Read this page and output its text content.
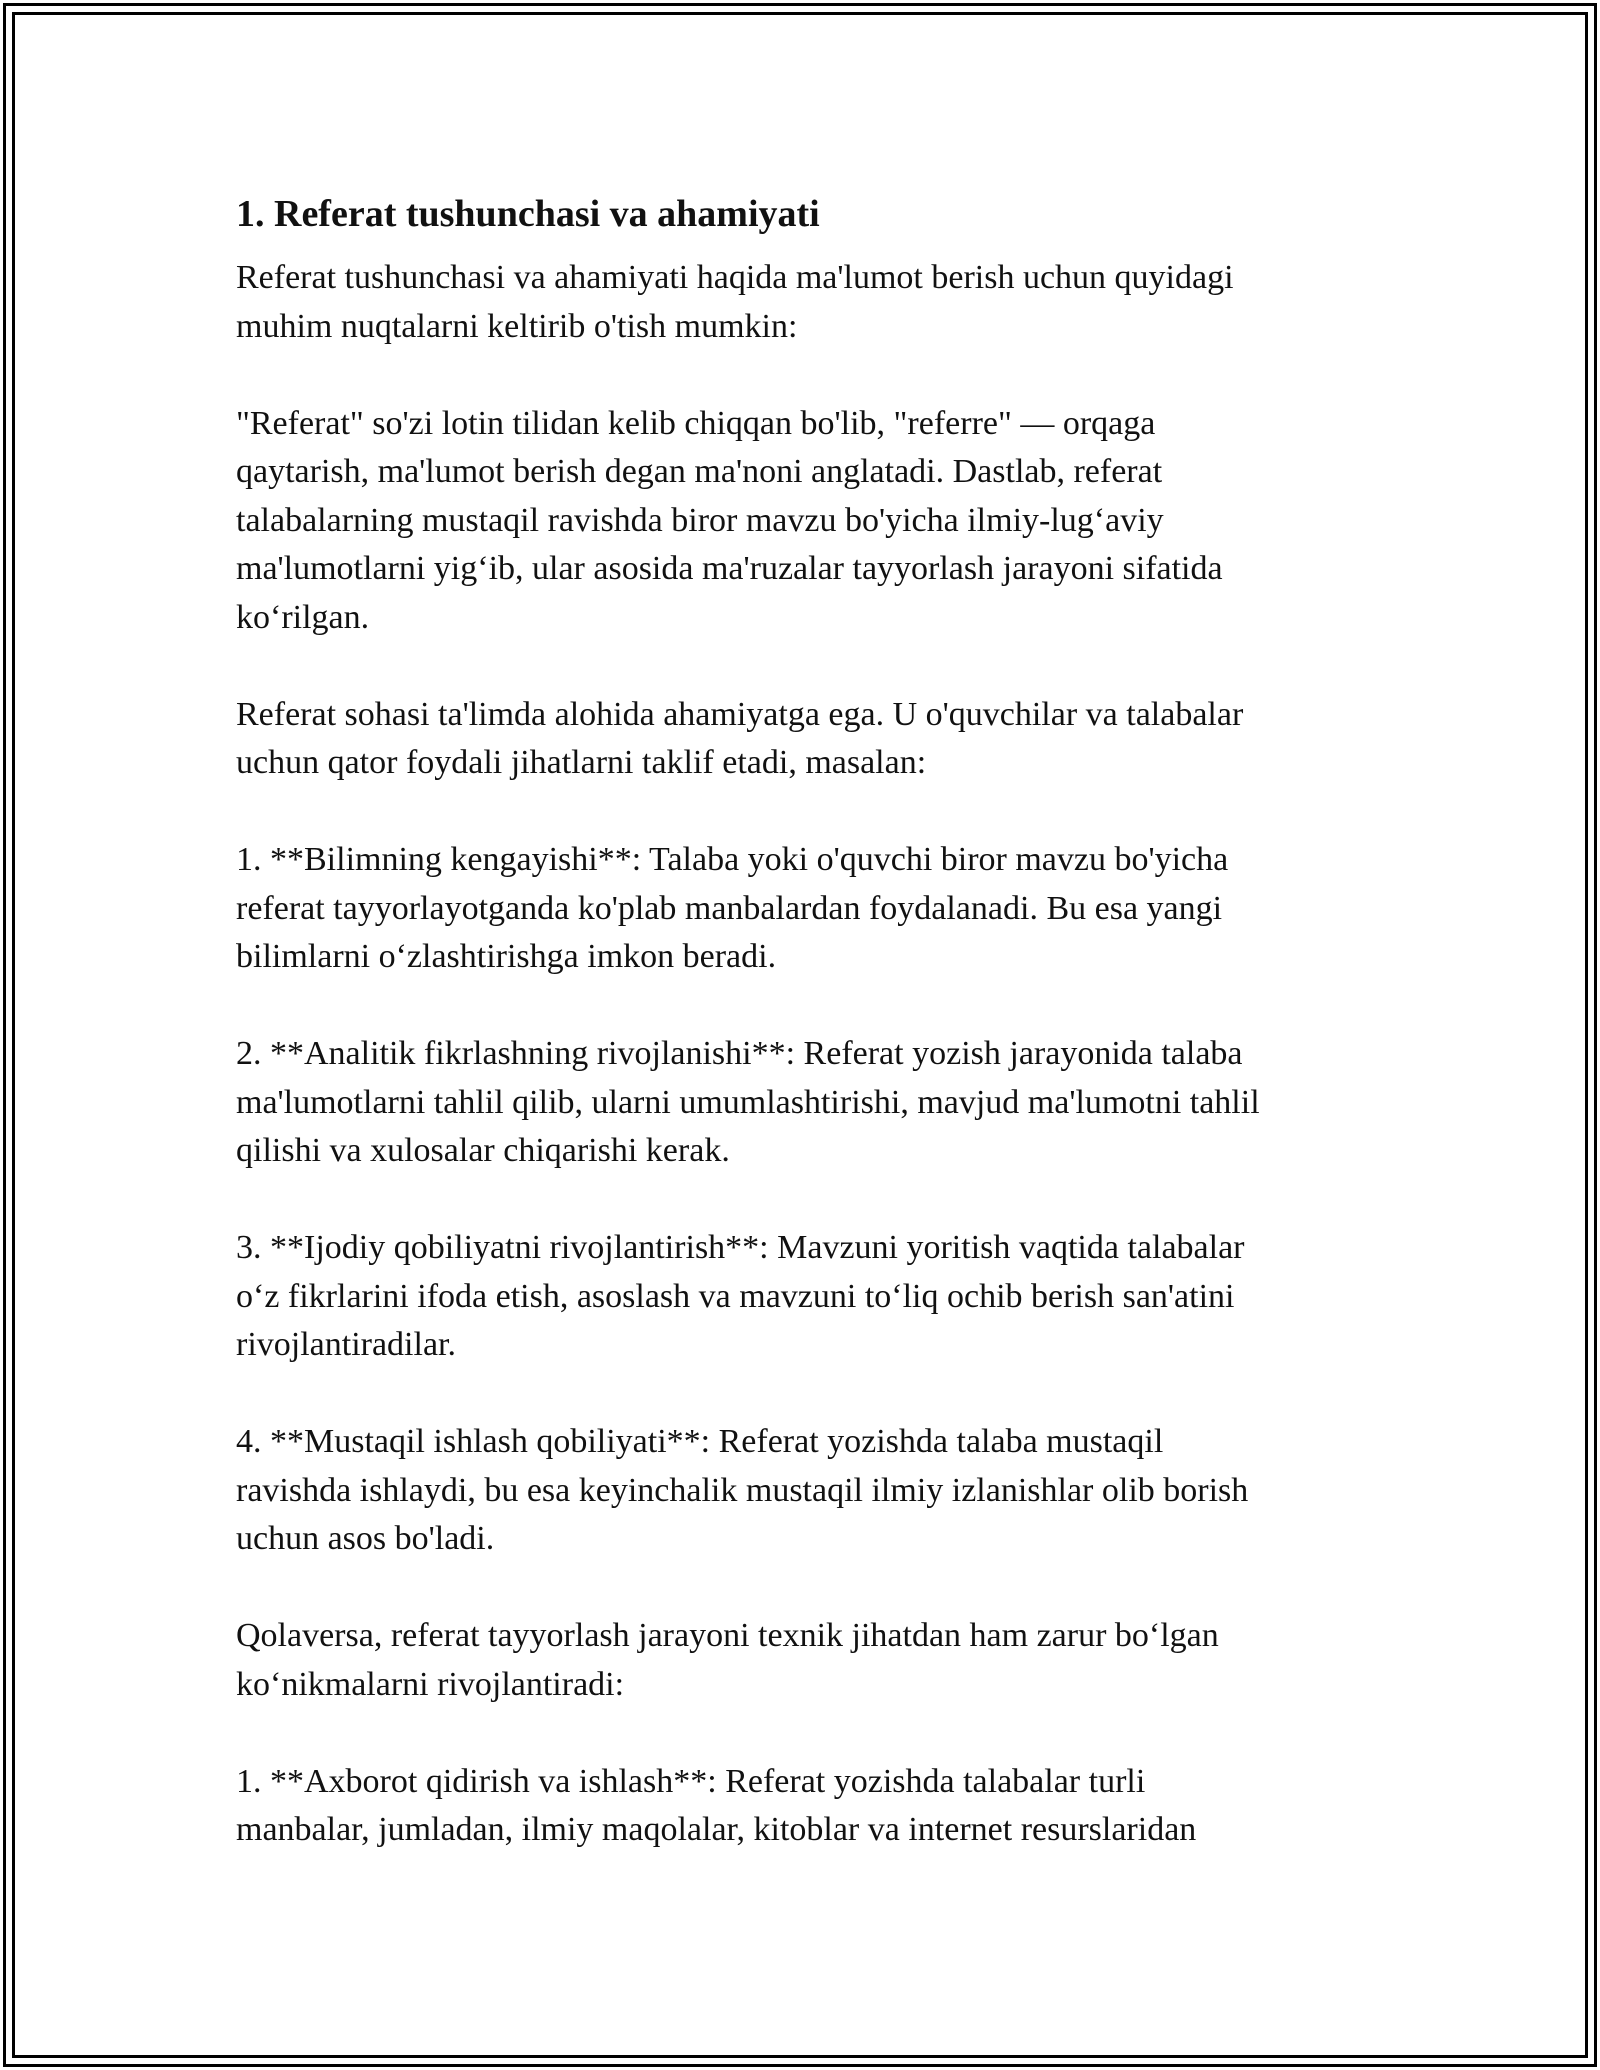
1. Referat tushunchasi va ahamiyati

Referat tushunchasi va ahamiyati haqida ma'lumot berish uchun quyidagi
muhim nuqtalarni keltirib o'tish mumkin:

"Referat" so'zi lotin tilidan kelib chiqqan bo'lib, "referre" — orqaga
qaytarish, ma'lumot berish degan ma'noni anglatadi. Dastlab, referat
talabalarning mustaqil ravishda biror mavzu bo'yicha ilmiy-lug‘aviy
ma'lumotlarni yig‘ib, ular asosida ma'ruzalar tayyorlash jarayoni sifatida
ko‘rilgan.

Referat sohasi ta'limda alohida ahamiyatga ega. U o'quvchilar va talabalar
uchun qator foydali jihatlarni taklif etadi, masalan:

1. **Bilimning kengayishi**: Talaba yoki o'quvchi biror mavzu bo'yicha
referat tayyorlayotganda ko'plab manbalardan foydalanadi. Bu esa yangi
bilimlarni o‘zlashtirishga imkon beradi.

2. **Analitik fikrlashning rivojlanishi**: Referat yozish jarayonida talaba
ma'lumotlarni tahlil qilib, ularni umumlashtirishi, mavjud ma'lumotni tahlil
qilishi va xulosalar chiqarishi kerak.

3. **Ijodiy qobiliyatni rivojlantirish**: Mavzuni yoritish vaqtida talabalar
o‘z fikrlarini ifoda etish, asoslash va mavzuni to‘liq ochib berish san'atini
rivojlantiradilar.

4. **Mustaqil ishlash qobiliyati**: Referat yozishda talaba mustaqil
ravishda ishlaydi, bu esa keyinchalik mustaqil ilmiy izlanishlar olib borish
uchun asos bo'ladi.

Qolaversa, referat tayyorlash jarayoni texnik jihatdan ham zarur bo‘lgan
ko‘nikmalarni rivojlantiradi:

1. **Axborot qidirish va ishlash**: Referat yozishda talabalar turli
manbalar, jumladan, ilmiy maqolalar, kitoblar va internet resurslaridan
